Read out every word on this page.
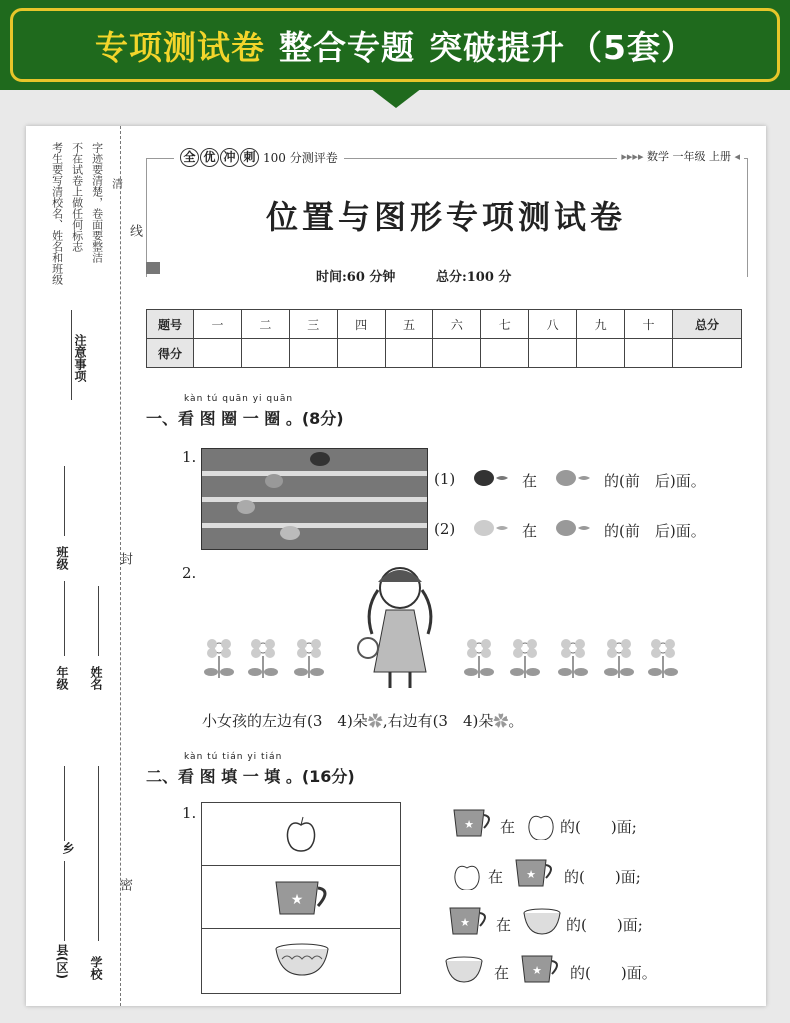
专项测试卷 整合专题 突破提升 （5套）
考生要写清校名、姓名和班级 不在试卷上做任何标志 字迹要清楚，卷面要整洁 清
注意事项
线
封
密
班级
年级 姓名
乡
县(区) 学校
全 优 冲 刺 100 分测评卷	▸▸▸▸ 数学 一年级 上册 ◂
位置与图形专项测试卷
时间:60 分钟	总分:100 分
题号	一	二	三	四	五	六	七	八	九	十	总分
得分											
kàn tú quān yi quān
一、看 图 圈 一 圈 。(8分)
1.
(1)	在	的(前　后)面。
(2)	在	的(前　后)面。
2.
小女孩的左边有(3　4)朵✿,右边有(3　4)朵✿。
kàn tú tián yi tián
二、看 图 填 一 填 。(16分)
1.
★
★ 在	的(　　)面;
在 ★ 的(　　)面;
★ 在	的(　　)面;
在 ★ 的(　　)面。
